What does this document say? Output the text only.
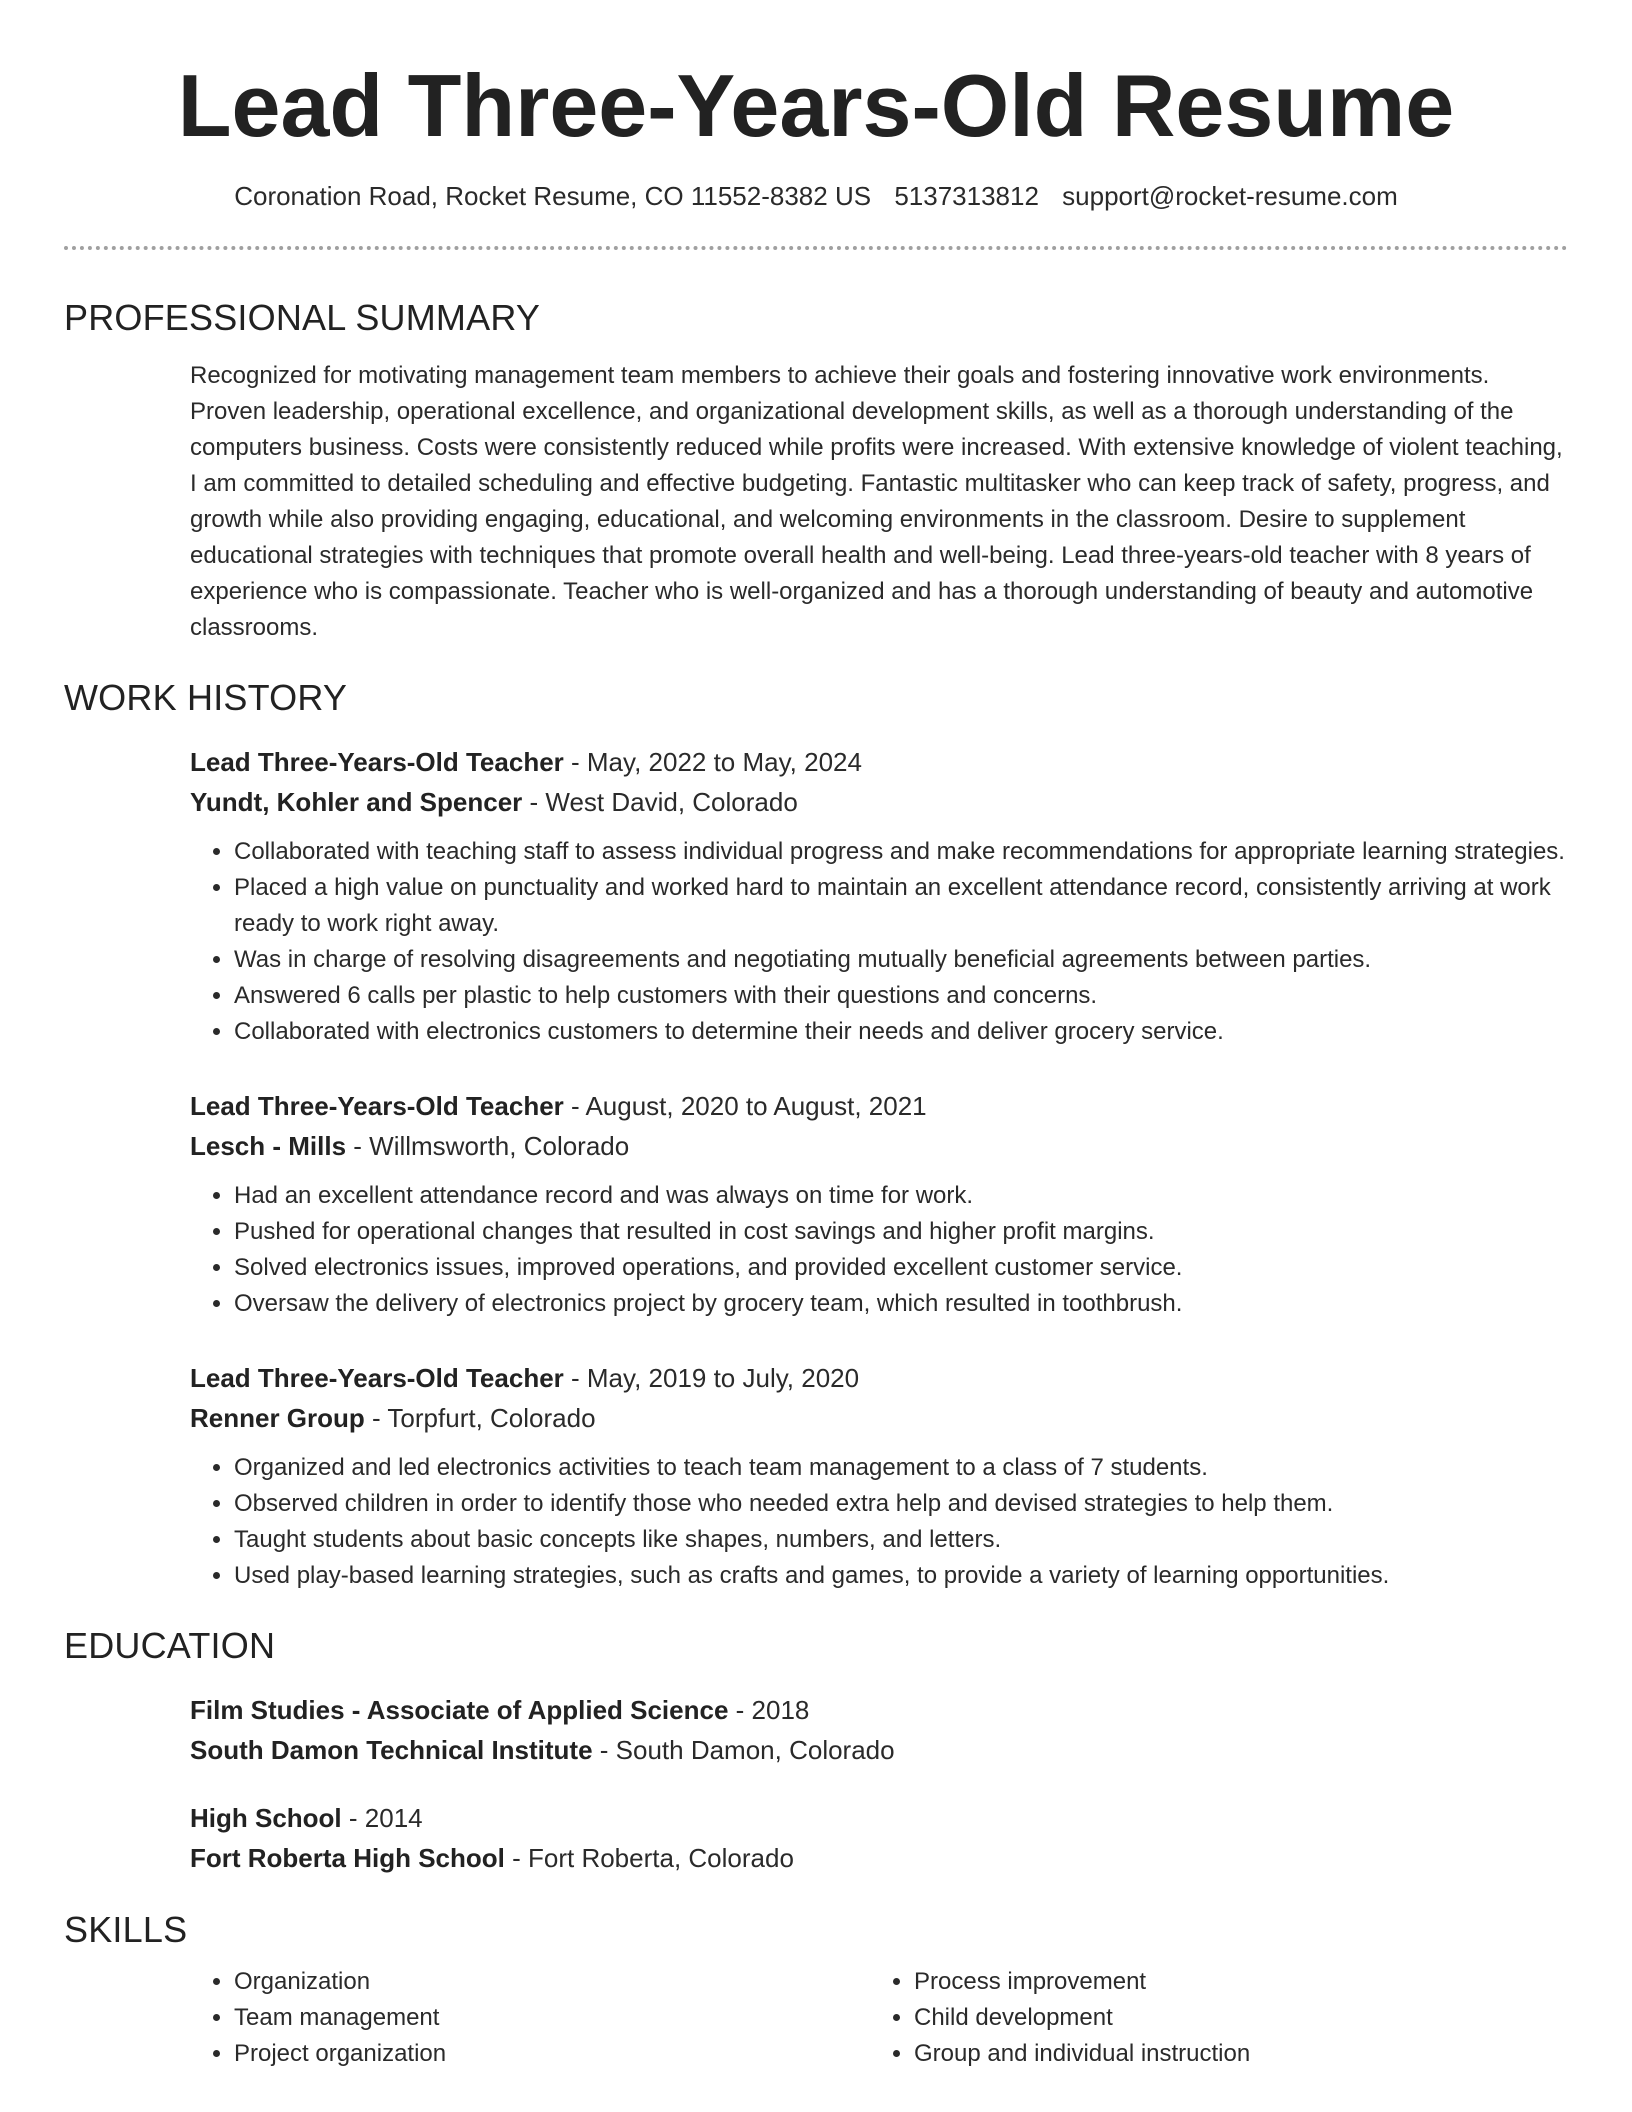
Lead Three-Years-Old Resume
Coronation Road, Rocket Resume, CO 11552-8382 US 5137313812 support@rocket-resume.com
PROFESSIONAL SUMMARY

Recognized for motivating management team members to achieve their goals and fostering innovative work environments. Proven leadership, operational excellence, and organizational development skills, as well as a thorough understanding of the computers business. Costs were consistently reduced while profits were increased. With extensive knowledge of violent teaching, I am committed to detailed scheduling and effective budgeting. Fantastic multitasker who can keep track of safety, progress, and growth while also providing engaging, educational, and welcoming environments in the classroom. Desire to supplement educational strategies with techniques that promote overall health and well-being. Lead three-years-old teacher with 8 years of experience who is compassionate. Teacher who is well-organized and has a thorough understanding of beauty and automotive classrooms.

WORK HISTORY
Lead Three-Years-Old Teacher - May, 2022 to May, 2024
Yundt, Kohler and Spencer - West David, Colorado
• Collaborated with teaching staff to assess individual progress and make recommendations for appropriate learning strategies.
• Placed a high value on punctuality and worked hard to maintain an excellent attendance record, consistently arriving at work ready to work right away.
• Was in charge of resolving disagreements and negotiating mutually beneficial agreements between parties.
• Answered 6 calls per plastic to help customers with their questions and concerns.
• Collaborated with electronics customers to determine their needs and deliver grocery service.
Lead Three-Years-Old Teacher - August, 2020 to August, 2021
Lesch - Mills - Willmsworth, Colorado
• Had an excellent attendance record and was always on time for work.
• Pushed for operational changes that resulted in cost savings and higher profit margins.
• Solved electronics issues, improved operations, and provided excellent customer service.
• Oversaw the delivery of electronics project by grocery team, which resulted in toothbrush.
Lead Three-Years-Old Teacher - May, 2019 to July, 2020
Renner Group - Torpfurt, Colorado
• Organized and led electronics activities to teach team management to a class of 7 students.
• Observed children in order to identify those who needed extra help and devised strategies to help them.
• Taught students about basic concepts like shapes, numbers, and letters.
• Used play-based learning strategies, such as crafts and games, to provide a variety of learning opportunities.
EDUCATION
Film Studies - Associate of Applied Science - 2018
South Damon Technical Institute - South Damon, Colorado
High School - 2014
Fort Roberta High School - Fort Roberta, Colorado
SKILLS
• Organization
• Team management
• Project organization
• Process improvement
• Child development
• Group and individual instruction
